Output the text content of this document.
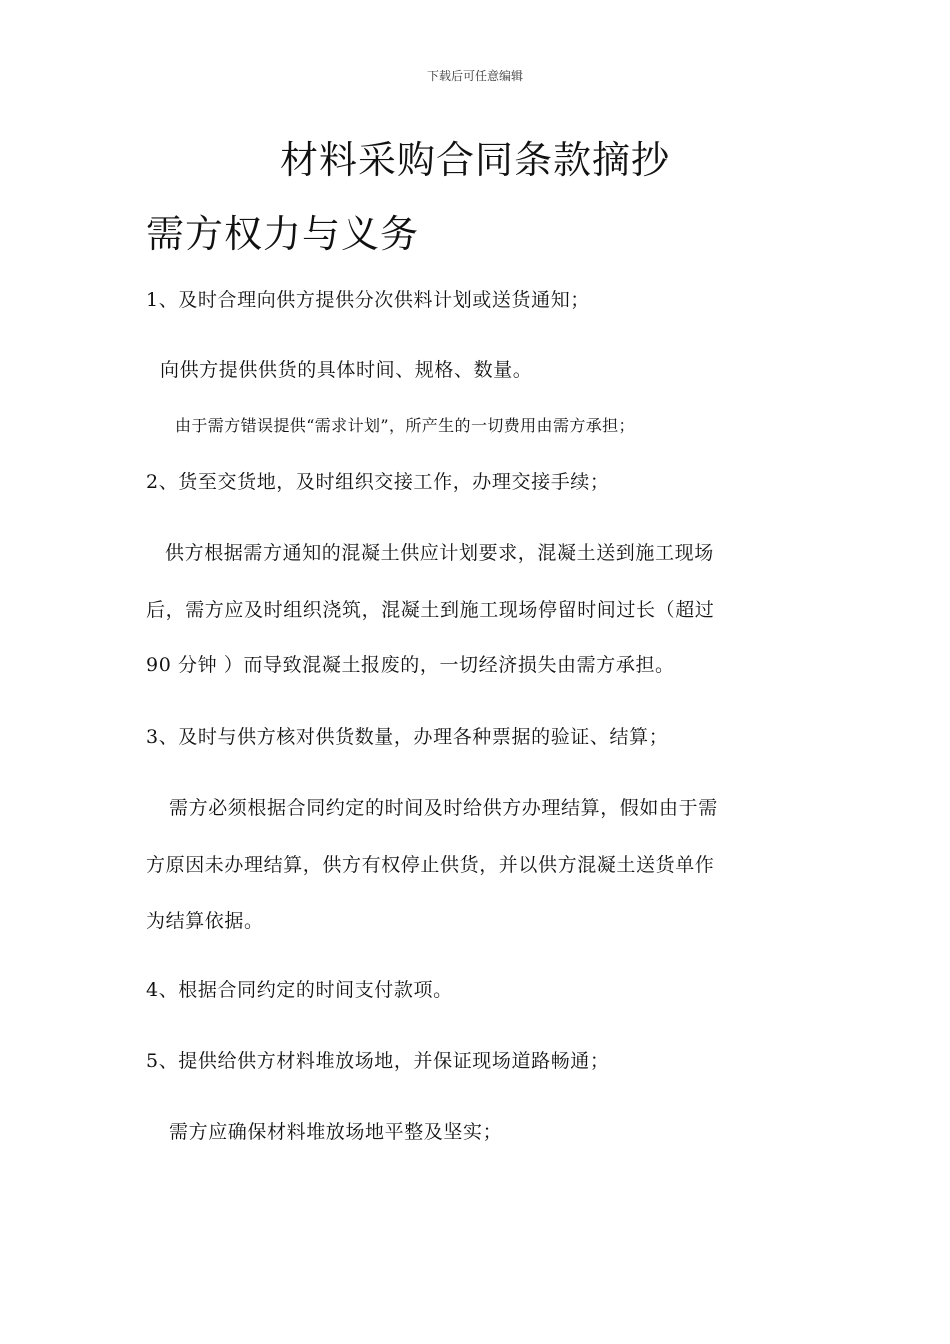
下载后可任意编辑
材料采购合同条款摘抄
需方权力与义务

1、及时合理向供方提供分次供料计划或送货通知；

向供方提供供货的具体时间、规格、数量。

由于需方错误提供“需求计划”，所产生的一切费用由需方承担；

2、货至交货地，及时组织交接工作，办理交接手续；

供方根据需方通知的混凝土供应计划要求，混凝土送到施工现场

后，需方应及时组织浇筑，混凝土到施工现场停留时间过长（超过

90 分钟 ）而导致混凝土报废的，一切经济损失由需方承担。

3、及时与供方核对供货数量，办理各种票据的验证、结算；

需方必须根据合同约定的时间及时给供方办理结算，假如由于需

方原因未办理结算，供方有权停止供货，并以供方混凝土送货单作

为结算依据。

4、根据合同约定的时间支付款项。

5、提供给供方材料堆放场地，并保证现场道路畅通；

需方应确保材料堆放场地平整及坚实；
